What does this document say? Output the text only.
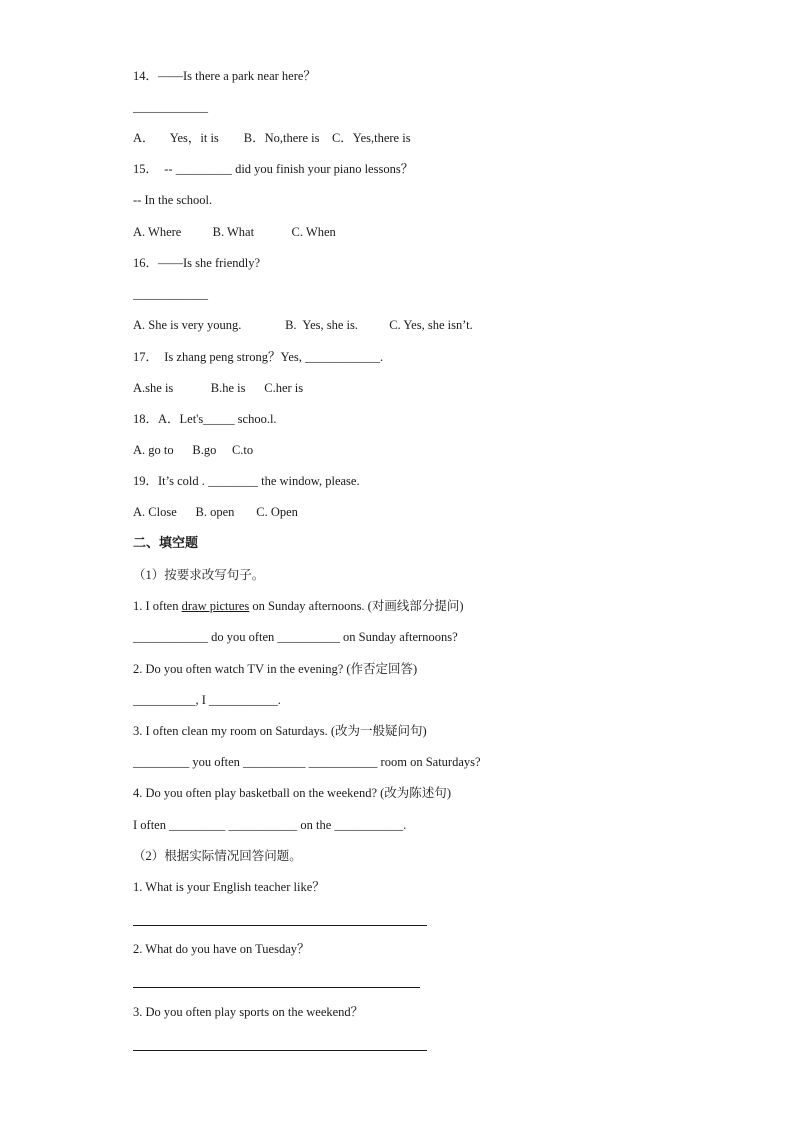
14．——Is there a park near here？
____________
A．     Yes，it is        B．No,there is    C．Yes,there is
15．  -- _________ did you finish your piano lessons？
-- In the school.
A. Where          B. What            C. When
16．——Is she friendly?
____________
A. She is very young.              B.  Yes, she is.          C. Yes, she isn’t.
17．  Is zhang peng strong？Yes, ____________.
A.she is            B.he is      C.her is
18．A．Let's_____ schoo.l.
A. go to      B.go     C.to
19．It’s cold . ________ the window, please.
A. Close      B. open       C. Open
二、填空题
（1）按要求改写句子。
1. I often draw pictures on Sunday afternoons. (对画线部分提问)
____________ do you often __________ on Sunday afternoons?
2. Do you often watch TV in the evening? (作否定回答)
__________, I ___________.
3. I often clean my room on Saturdays. (改为一般疑问句)
_________ you often __________ ___________ room on Saturdays?
4. Do you often play basketball on the weekend? (改为陈述句)
I often _________ ___________ on the ___________.
（2）根据实际情况回答问题。
1. What is your English teacher like？
2. What do you have on Tuesday？
3. Do you often play sports on the weekend？
